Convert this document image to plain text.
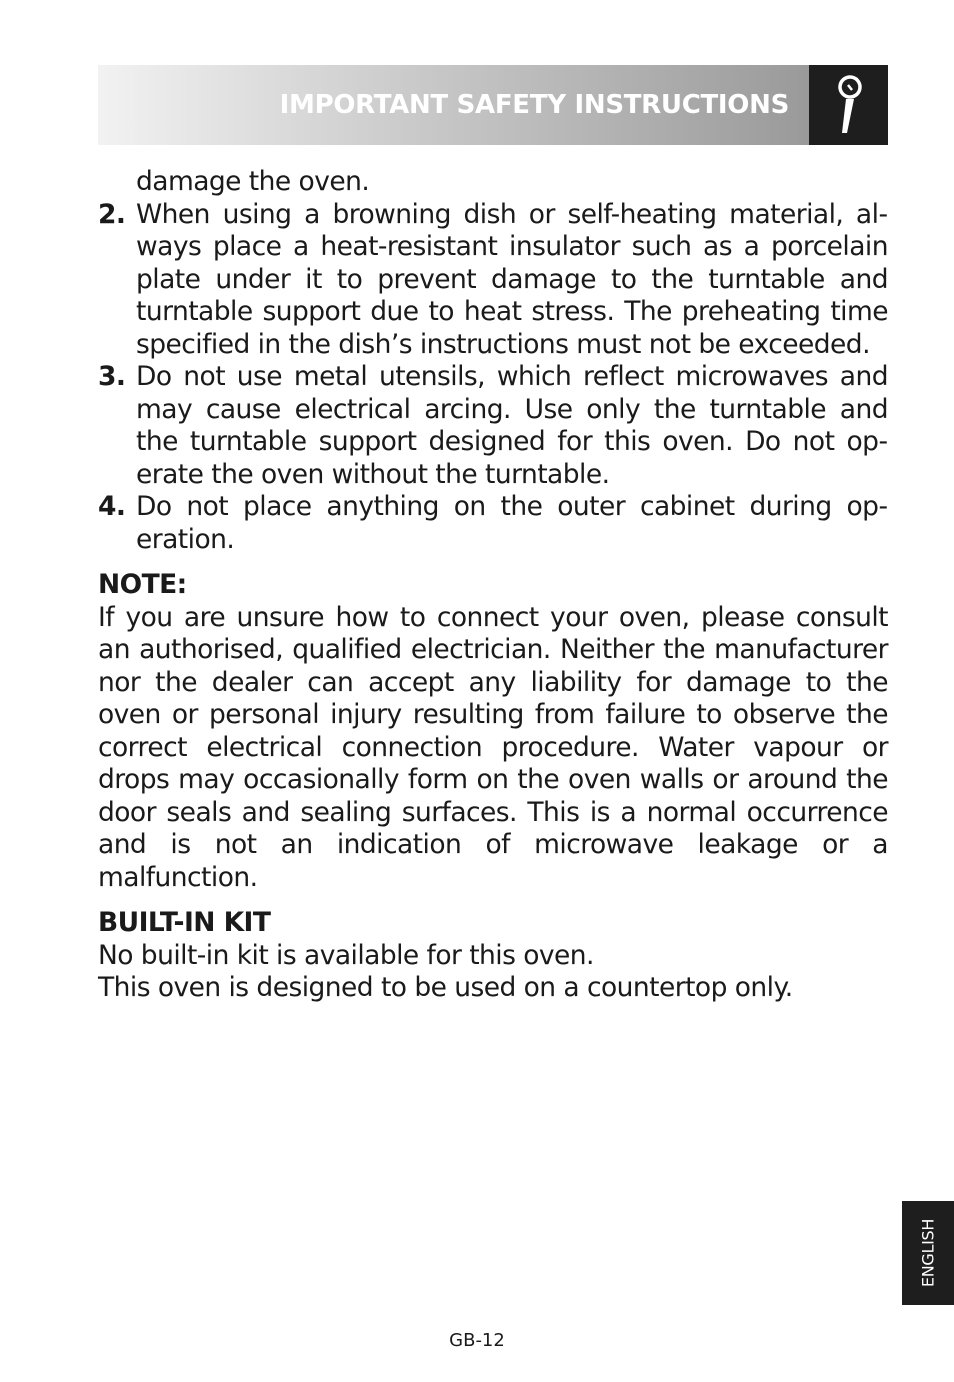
IMPORTANT SAFETY INSTRUCTIONS
damage the oven.
2. When using a browning dish or self-heating material, always place a heat-resistant insulator such as a porcelain plate under it to prevent damage to the turntable and turntable support due to heat stress. The preheating time specified in the dish’s instructions must not be exceeded.
3. Do not use metal utensils, which reflect microwaves and may cause electrical arcing. Use only the turntable and the turntable support designed for this oven. Do not operate the oven without the turntable.
4. Do not place anything on the outer cabinet during operation.
NOTE:
If you are unsure how to connect your oven, please consult an authorised, qualified electrician. Neither the manufacturer nor the dealer can accept any liability for damage to the oven or personal injury resulting from failure to observe the correct electrical connection procedure. Water vapour or drops may occasionally form on the oven walls or around the door seals and sealing surfaces. This is a normal occurrence and is not an indication of microwave leakage or a malfunction.
BUILT-IN KIT
No built-in kit is available for this oven.
This oven is designed to be used on a countertop only.
ENGLISH
GB-12
